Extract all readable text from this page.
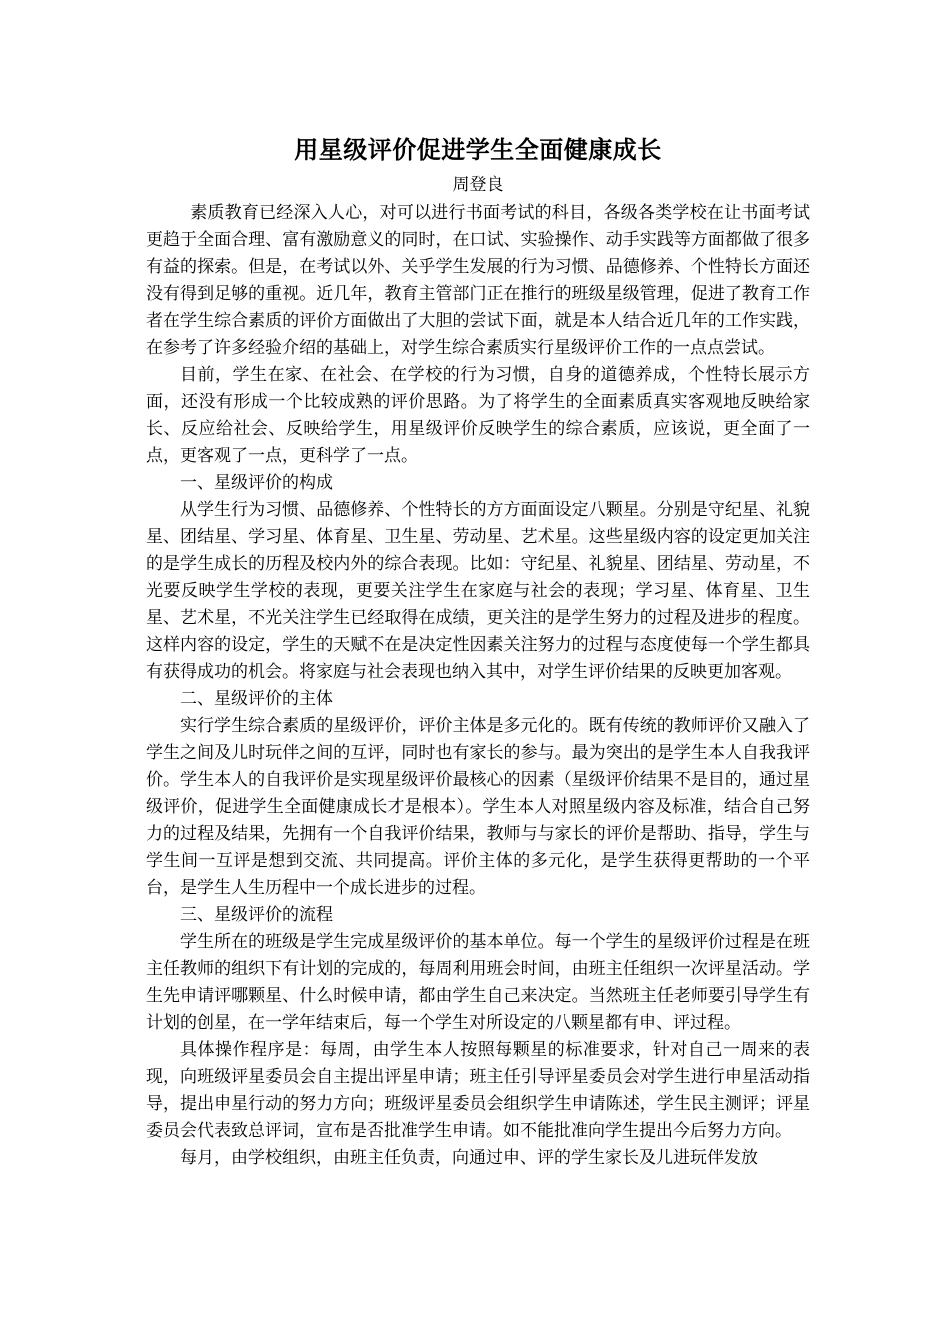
用星级评价促进学生全面健康成长

周登良

素质教育已经深入人心，对可以进行书面考试的科目，各级各类学校在让书面考试更趋于全面合理、富有激励意义的同时，在口试、实验操作、动手实践等方面都做了很多有益的探索。但是，在考试以外、关乎学生发展的行为习惯、品德修养、个性特长方面还没有得到足够的重视。近几年，教育主管部门正在推行的班级星级管理，促进了教育工作者在学生综合素质的评价方面做出了大胆的尝试下面，就是本人结合近几年的工作实践，在参考了许多经验介绍的基础上，对学生综合素质实行星级评价工作的一点点尝试。

目前，学生在家、在社会、在学校的行为习惯，自身的道德养成，个性特长展示方面，还没有形成一个比较成熟的评价思路。为了将学生的全面素质真实客观地反映给家长、反应给社会、反映给学生，用星级评价反映学生的综合素质，应该说，更全面了一点，更客观了一点，更科学了一点。

一、星级评价的构成

从学生行为习惯、品德修养、个性特长的方方面面设定八颗星。分别是守纪星、礼貌星、团结星、学习星、体育星、卫生星、劳动星、艺术星。这些星级内容的设定更加关注的是学生成长的历程及校内外的综合表现。比如：守纪星、礼貌星、团结星、劳动星，不光要反映学生学校的表现，更要关注学生在家庭与社会的表现；学习星、体育星、卫生星、艺术星，不光关注学生已经取得在成绩，更关注的是学生努力的过程及进步的程度。这样内容的设定，学生的天赋不在是决定性因素关注努力的过程与态度使每一个学生都具有获得成功的机会。将家庭与社会表现也纳入其中，对学生评价结果的反映更加客观。

二、星级评价的主体

实行学生综合素质的星级评价，评价主体是多元化的。既有传统的教师评价又融入了学生之间及儿时玩伴之间的互评，同时也有家长的参与。最为突出的是学生本人自我我评价。学生本人的自我评价是实现星级评价最核心的因素（星级评价结果不是目的，通过星级评价，促进学生全面健康成长才是根本）。学生本人对照星级内容及标准，结合自己努力的过程及结果，先拥有一个自我评价结果，教师与与家长的评价是帮助、指导，学生与学生间一互评是想到交流、共同提高。评价主体的多元化，是学生获得更帮助的一个平台，是学生人生历程中一个成长进步的过程。

三、星级评价的流程

学生所在的班级是学生完成星级评价的基本单位。每一个学生的星级评价过程是在班主任教师的组织下有计划的完成的，每周利用班会时间，由班主任组织一次评星活动。学生先申请评哪颗星、什么时候申请，都由学生自己来决定。当然班主任老师要引导学生有计划的创星，在一学年结束后，每一个学生对所设定的八颗星都有申、评过程。

具体操作程序是：每周，由学生本人按照每颗星的标准要求，针对自己一周来的表现，向班级评星委员会自主提出评星申请；班主任引导评星委员会对学生进行申星活动指导，提出申星行动的努力方向；班级评星委员会组织学生申请陈述，学生民主测评；评星委员会代表致总评词，宣布是否批准学生申请。如不能批准向学生提出今后努力方向。

每月，由学校组织，由班主任负责，向通过申、评的学生家长及儿进玩伴发放
